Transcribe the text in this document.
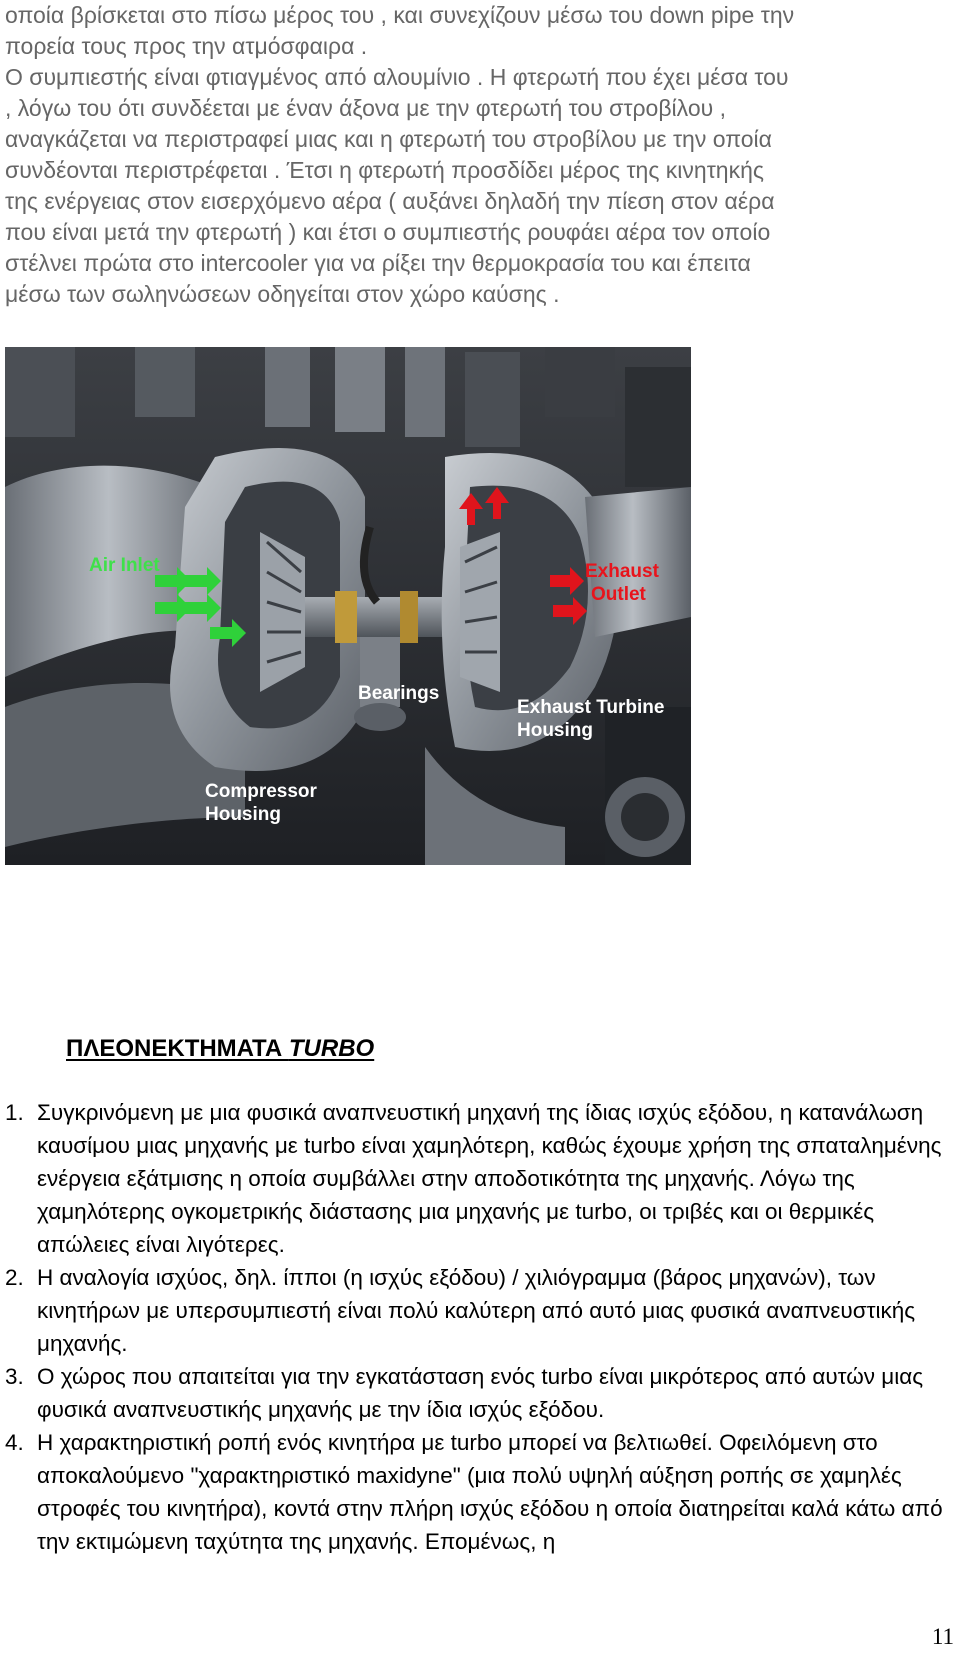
οποία βρίσκεται στο πίσω μέρος του , και συνεχίζουν μέσω του down pipe την
πορεία τους προς την ατμόσφαιρα .
Ο συμπιεστής είναι φτιαγμένος από αλουμίνιο . Η φτερωτή που έχει μέσα του
, λόγω του ότι συνδέεται με έναν άξονα με την φτερωτή του στροβίλου ,
αναγκάζεται να περιστραφεί μιας και η φτερωτή του στροβίλου με την οποία
συνδέονται περιστρέφεται . Έτσι η φτερωτή προσδίδει μέρος της κινητηκής
της ενέργειας στον εισερχόμενο αέρα ( αυξάνει δηλαδή την πίεση στον αέρα
που είναι μετά την φτερωτή ) και έτσι ο συμπιεστής ρουφάει αέρα τον οποίο
στέλνει πρώτα στο intercooler για να ρίξει την θερμοκρασία του και έπειτα
μέσω των σωληνώσεων οδηγείται στον χώρο καύσης .

Air Inlet	Exhaust
Outlet
Bearings
Exhaust Turbine
Housing
Compressor
Housing
ΠΛΕΟΝΕΚΤΗΜΑΤΑ TURBO
1. Συγκρινόμενη με μια φυσικά αναπνευστική μηχανή της ίδιας ισχύς εξόδου, η κατανάλωση καυσίμου μιας μηχανής με turbo είναι χαμηλότερη, καθώς έχουμε χρήση της σπαταλημένης ενέργεια εξάτμισης η οποία συμβάλλει στην αποδοτικότητα της μηχανής. Λόγω της χαμηλότερης ογκομετρικής διάστασης μια μηχανής με turbo, οι τριβές και οι θερμικές απώλειες είναι λιγότερες.
2. Η αναλογία ισχύος, δηλ. ίπποι (η ισχύς εξόδου) / χιλιόγραμμα (βάρος μηχανών), των κινητήρων με υπερσυμπιεστή είναι πολύ καλύτερη από αυτό μιας φυσικά αναπνευστικής μηχανής.
3. Ο χώρος που απαιτείται για την εγκατάσταση ενός turbo είναι μικρότερος από αυτών μιας φυσικά αναπνευστικής μηχανής με την ίδια ισχύς εξόδου.
4. Η χαρακτηριστική ροπή ενός κινητήρα με turbo μπορεί να βελτιωθεί. Οφειλόμενη στο αποκαλούμενο "χαρακτηριστικό maxidyne" (μια πολύ υψηλή αύξηση ροπής σε χαμηλές στροφές του κινητήρα), κοντά στην πλήρη ισχύς εξόδου η οποία διατηρείται καλά κάτω από την εκτιμώμενη ταχύτητα της μηχανής. Επομένως, η
11
